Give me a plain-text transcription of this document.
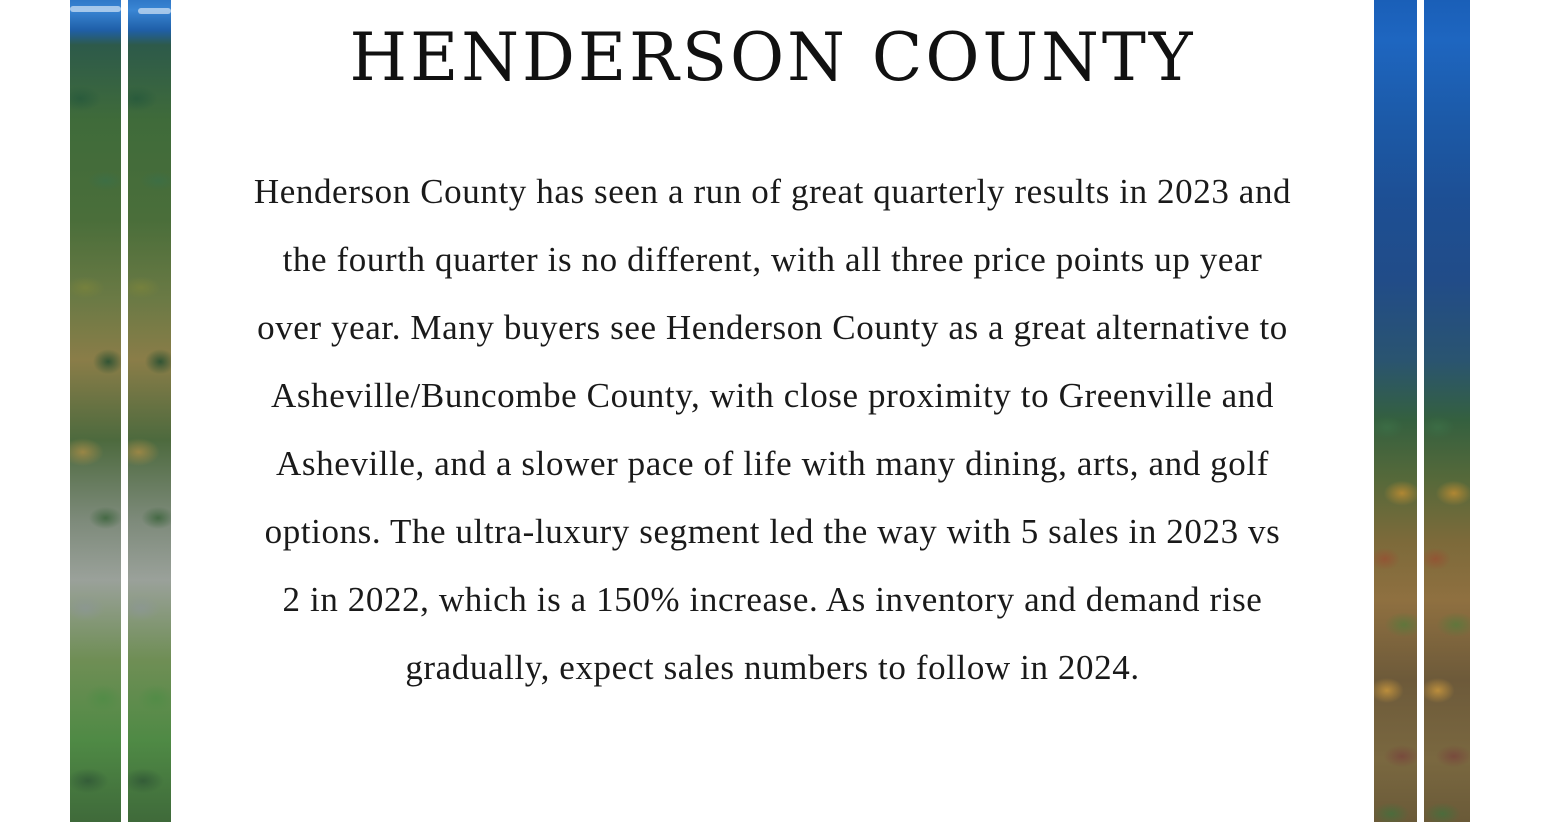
HENDERSON COUNTY

Henderson County has seen a run of great quarterly results in 2023 and the fourth quarter is no different, with all three price points up year over year. Many buyers see Henderson County as a great alternative to Asheville/Buncombe County, with close proximity to Greenville and Asheville, and a slower pace of life with many dining, arts, and golf options. The ultra-luxury segment led the way with 5 sales in 2023 vs 2 in 2022, which is a 150% increase. As inventory and demand rise gradually, expect sales numbers to follow in 2024.
